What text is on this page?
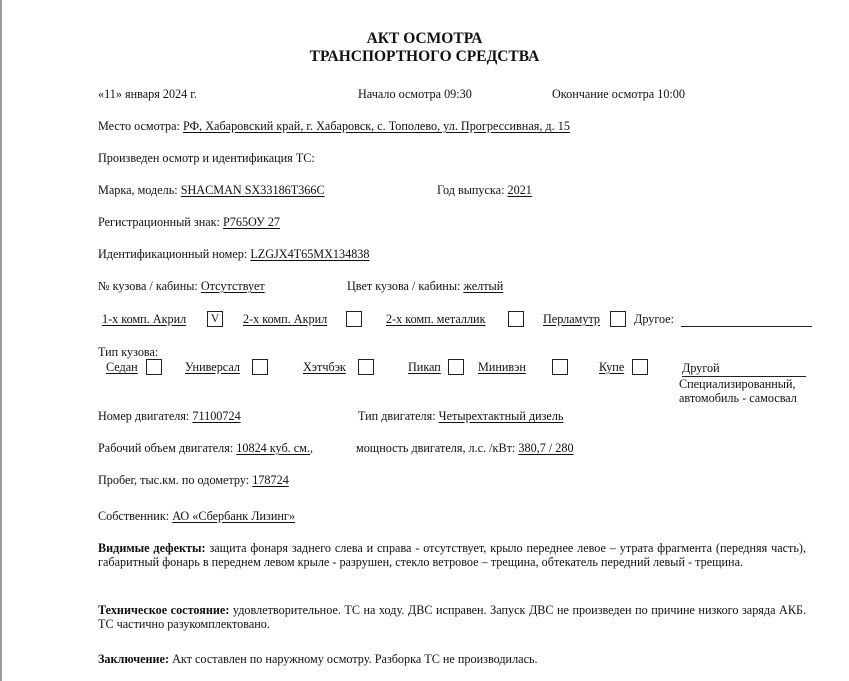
АКТ ОСМОТРА
ТРАНСПОРТНОГО СРЕДСТВА
«11» января 2024 г.	Начало осмотра 09:30	Окончание осмотра 10:00
Место осмотра: РФ, Хабаровский край, г. Хабаровск, с. Тополево, ул. Прогрессивная, д. 15
Произведен осмотр и идентификация ТС:
Марка, модель: SHACMAN SX33186T366C	Год выпуска: 2021
Регистрационный знак: Р765ОУ 27
Идентификационный номер: LZGJX4T65MX134838
№ кузова / кабины: Отсутствует	Цвет кузова / кабины: желтый
1-х комп. Акрил	V	2-х комп. Акрил	2-х комп. металлик	Перламутр	Другое:
Тип кузова:
Седан	Универсал	Хэтчбэк	Пикап	Минивэн	Купе	Другой
Специализированный,
автомобиль - самосвал
Номер двигателя: 71100724	Тип двигателя: Четырехтактный дизель
Рабочий объем двигателя: 10824 куб. см.,	мощность двигателя, л.с. /кВт: 380,7 / 280
Пробег, тыс.км. по одометру: 178724
Собственник: АО «Сбербанк Лизинг»
Видимые дефекты: защита фонаря заднего слева и справа - отсутствует, крыло переднее левое – утрата фрагмента (передняя часть), габаритный фонарь в переднем левом крыле - разрушен, стекло ветровое – трещина, обтекатель передний левый - трещина.
Техническое состояние: удовлетворительное. ТС на ходу. ДВС исправен. Запуск ДВС не произведен по причине низкого заряда АКБ. ТС частично разукомплектовано.
Заключение: Акт составлен по наружному осмотру. Разборка ТС не производилась.
